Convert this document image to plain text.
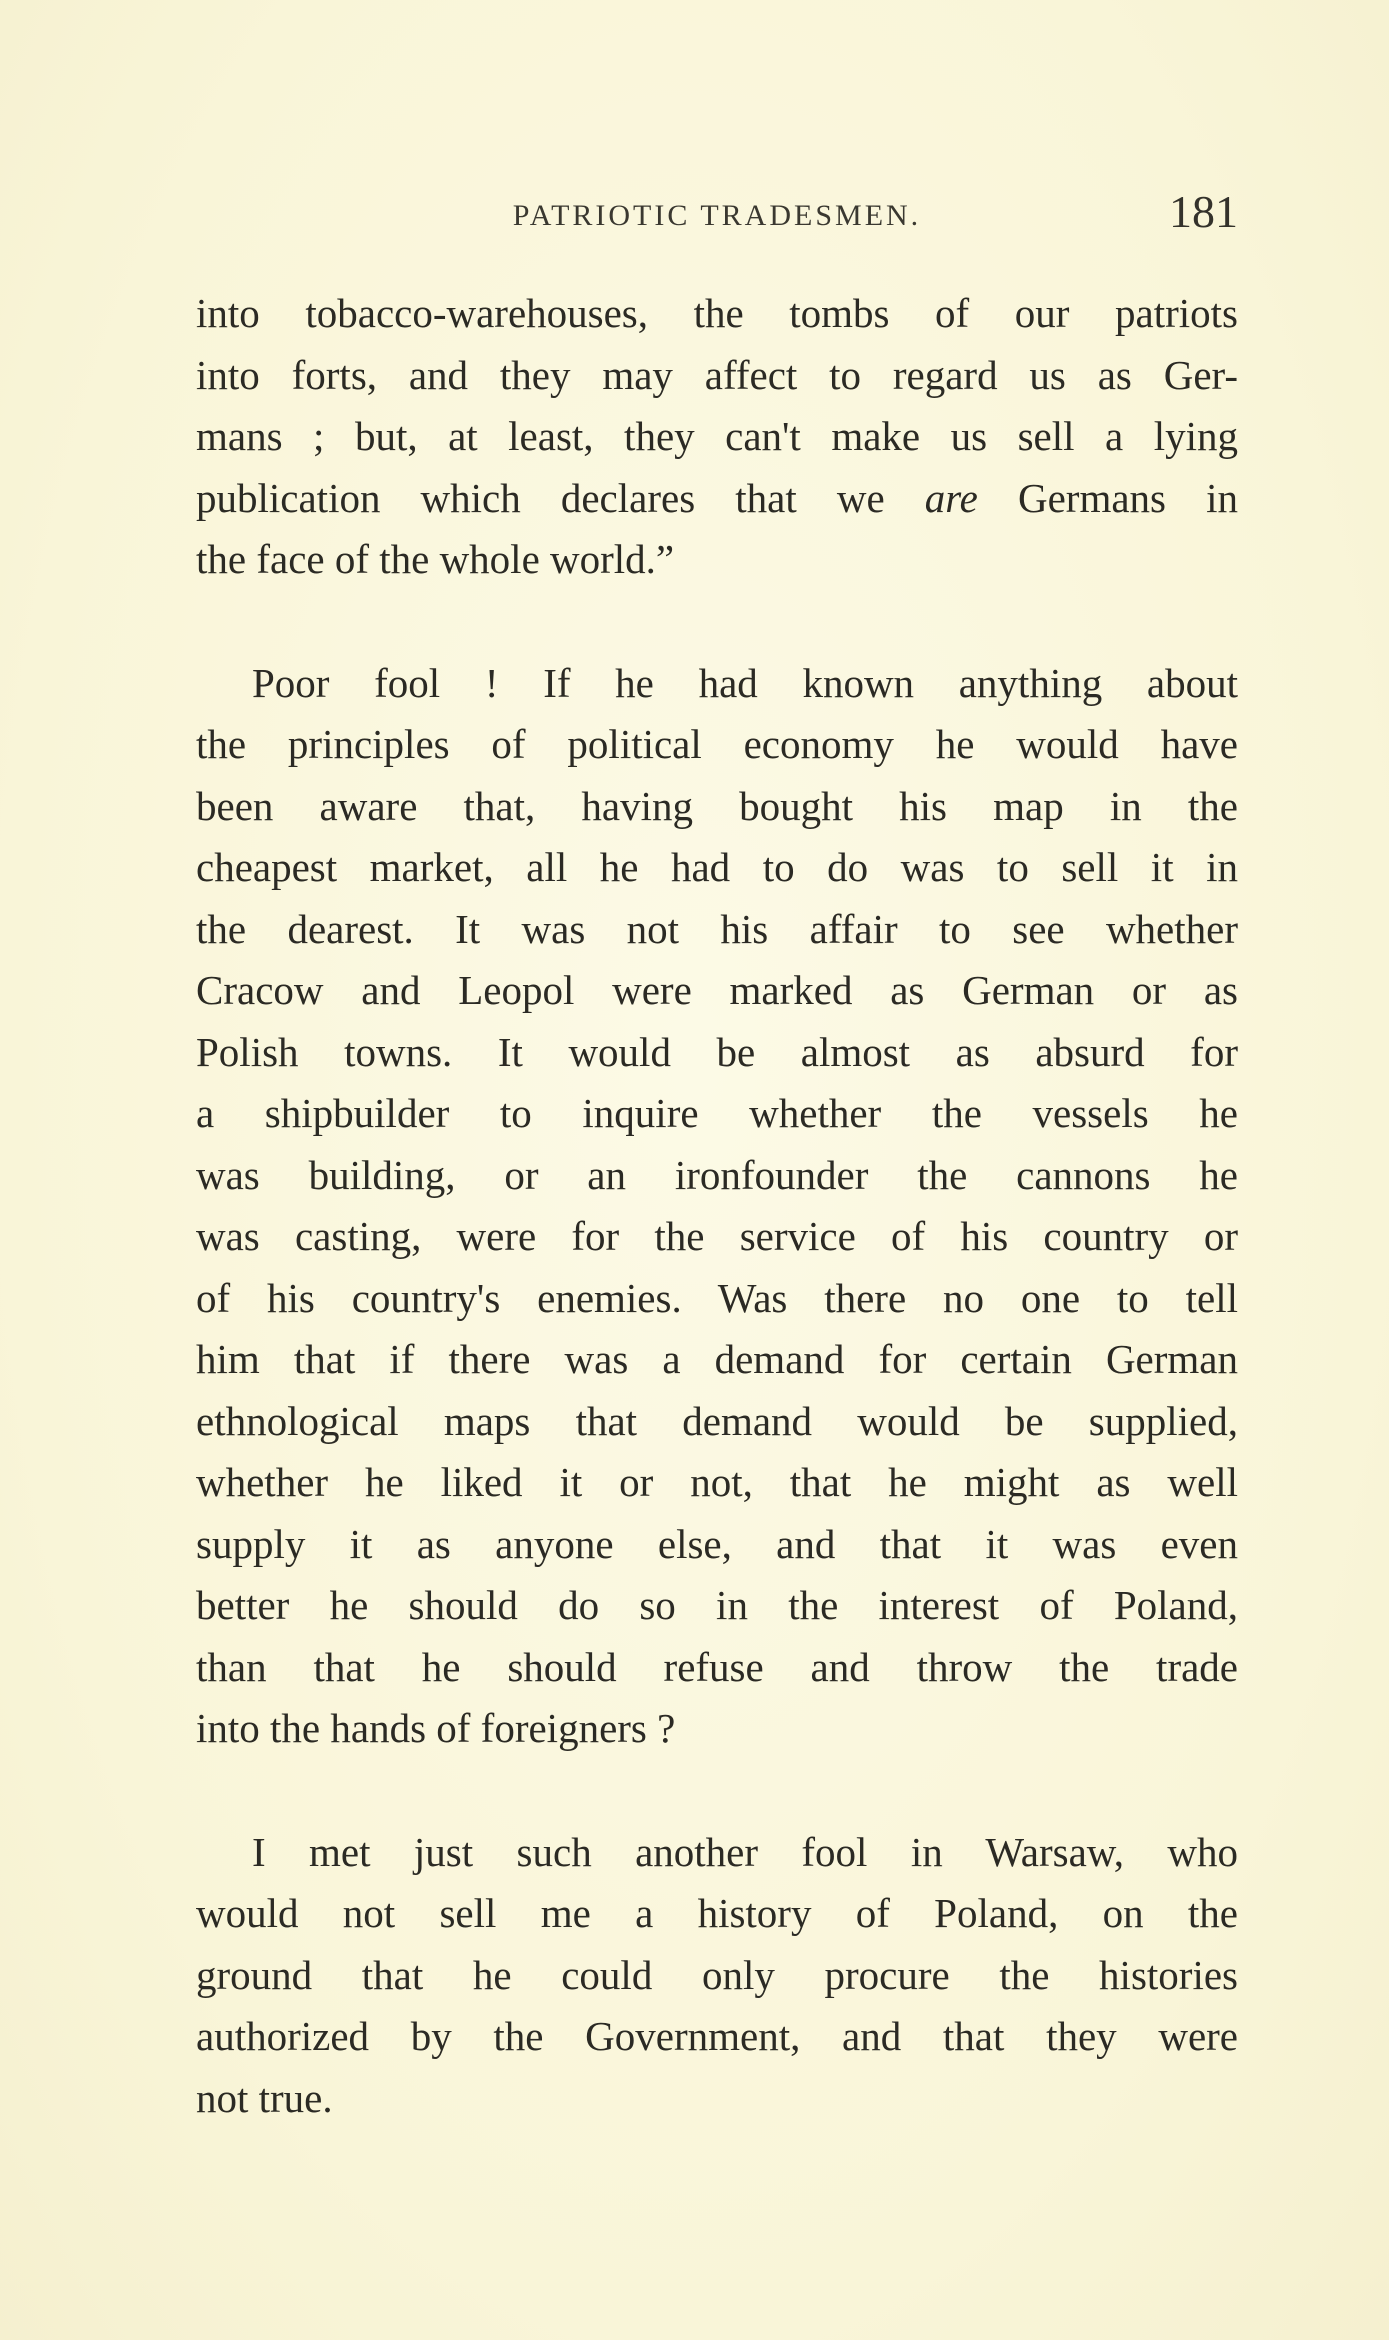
PATRIOTIC TRADESMEN.	181
into tobacco-warehouses, the tombs of our patriots
into forts, and they may affect to regard us as Ger-
mans ; but, at least, they can't make us sell a lying
publication which declares that we are Germans in
the face of the whole world.”
Poor fool ! If he had known anything about
the principles of political economy he would have
been aware that, having bought his map in the
cheapest market, all he had to do was to sell it in
the dearest. It was not his affair to see whether
Cracow and Leopol were marked as German or as
Polish towns. It would be almost as absurd for
a shipbuilder to inquire whether the vessels he
was building, or an ironfounder the cannons he
was casting, were for the service of his country or
of his country's enemies. Was there no one to tell
him that if there was a demand for certain German
ethnological maps that demand would be supplied,
whether he liked it or not, that he might as well
supply it as anyone else, and that it was even
better he should do so in the interest of Poland,
than that he should refuse and throw the trade
into the hands of foreigners ?
I met just such another fool in Warsaw, who
would not sell me a history of Poland, on the
ground that he could only procure the histories
authorized by the Government, and that they were
not true.
